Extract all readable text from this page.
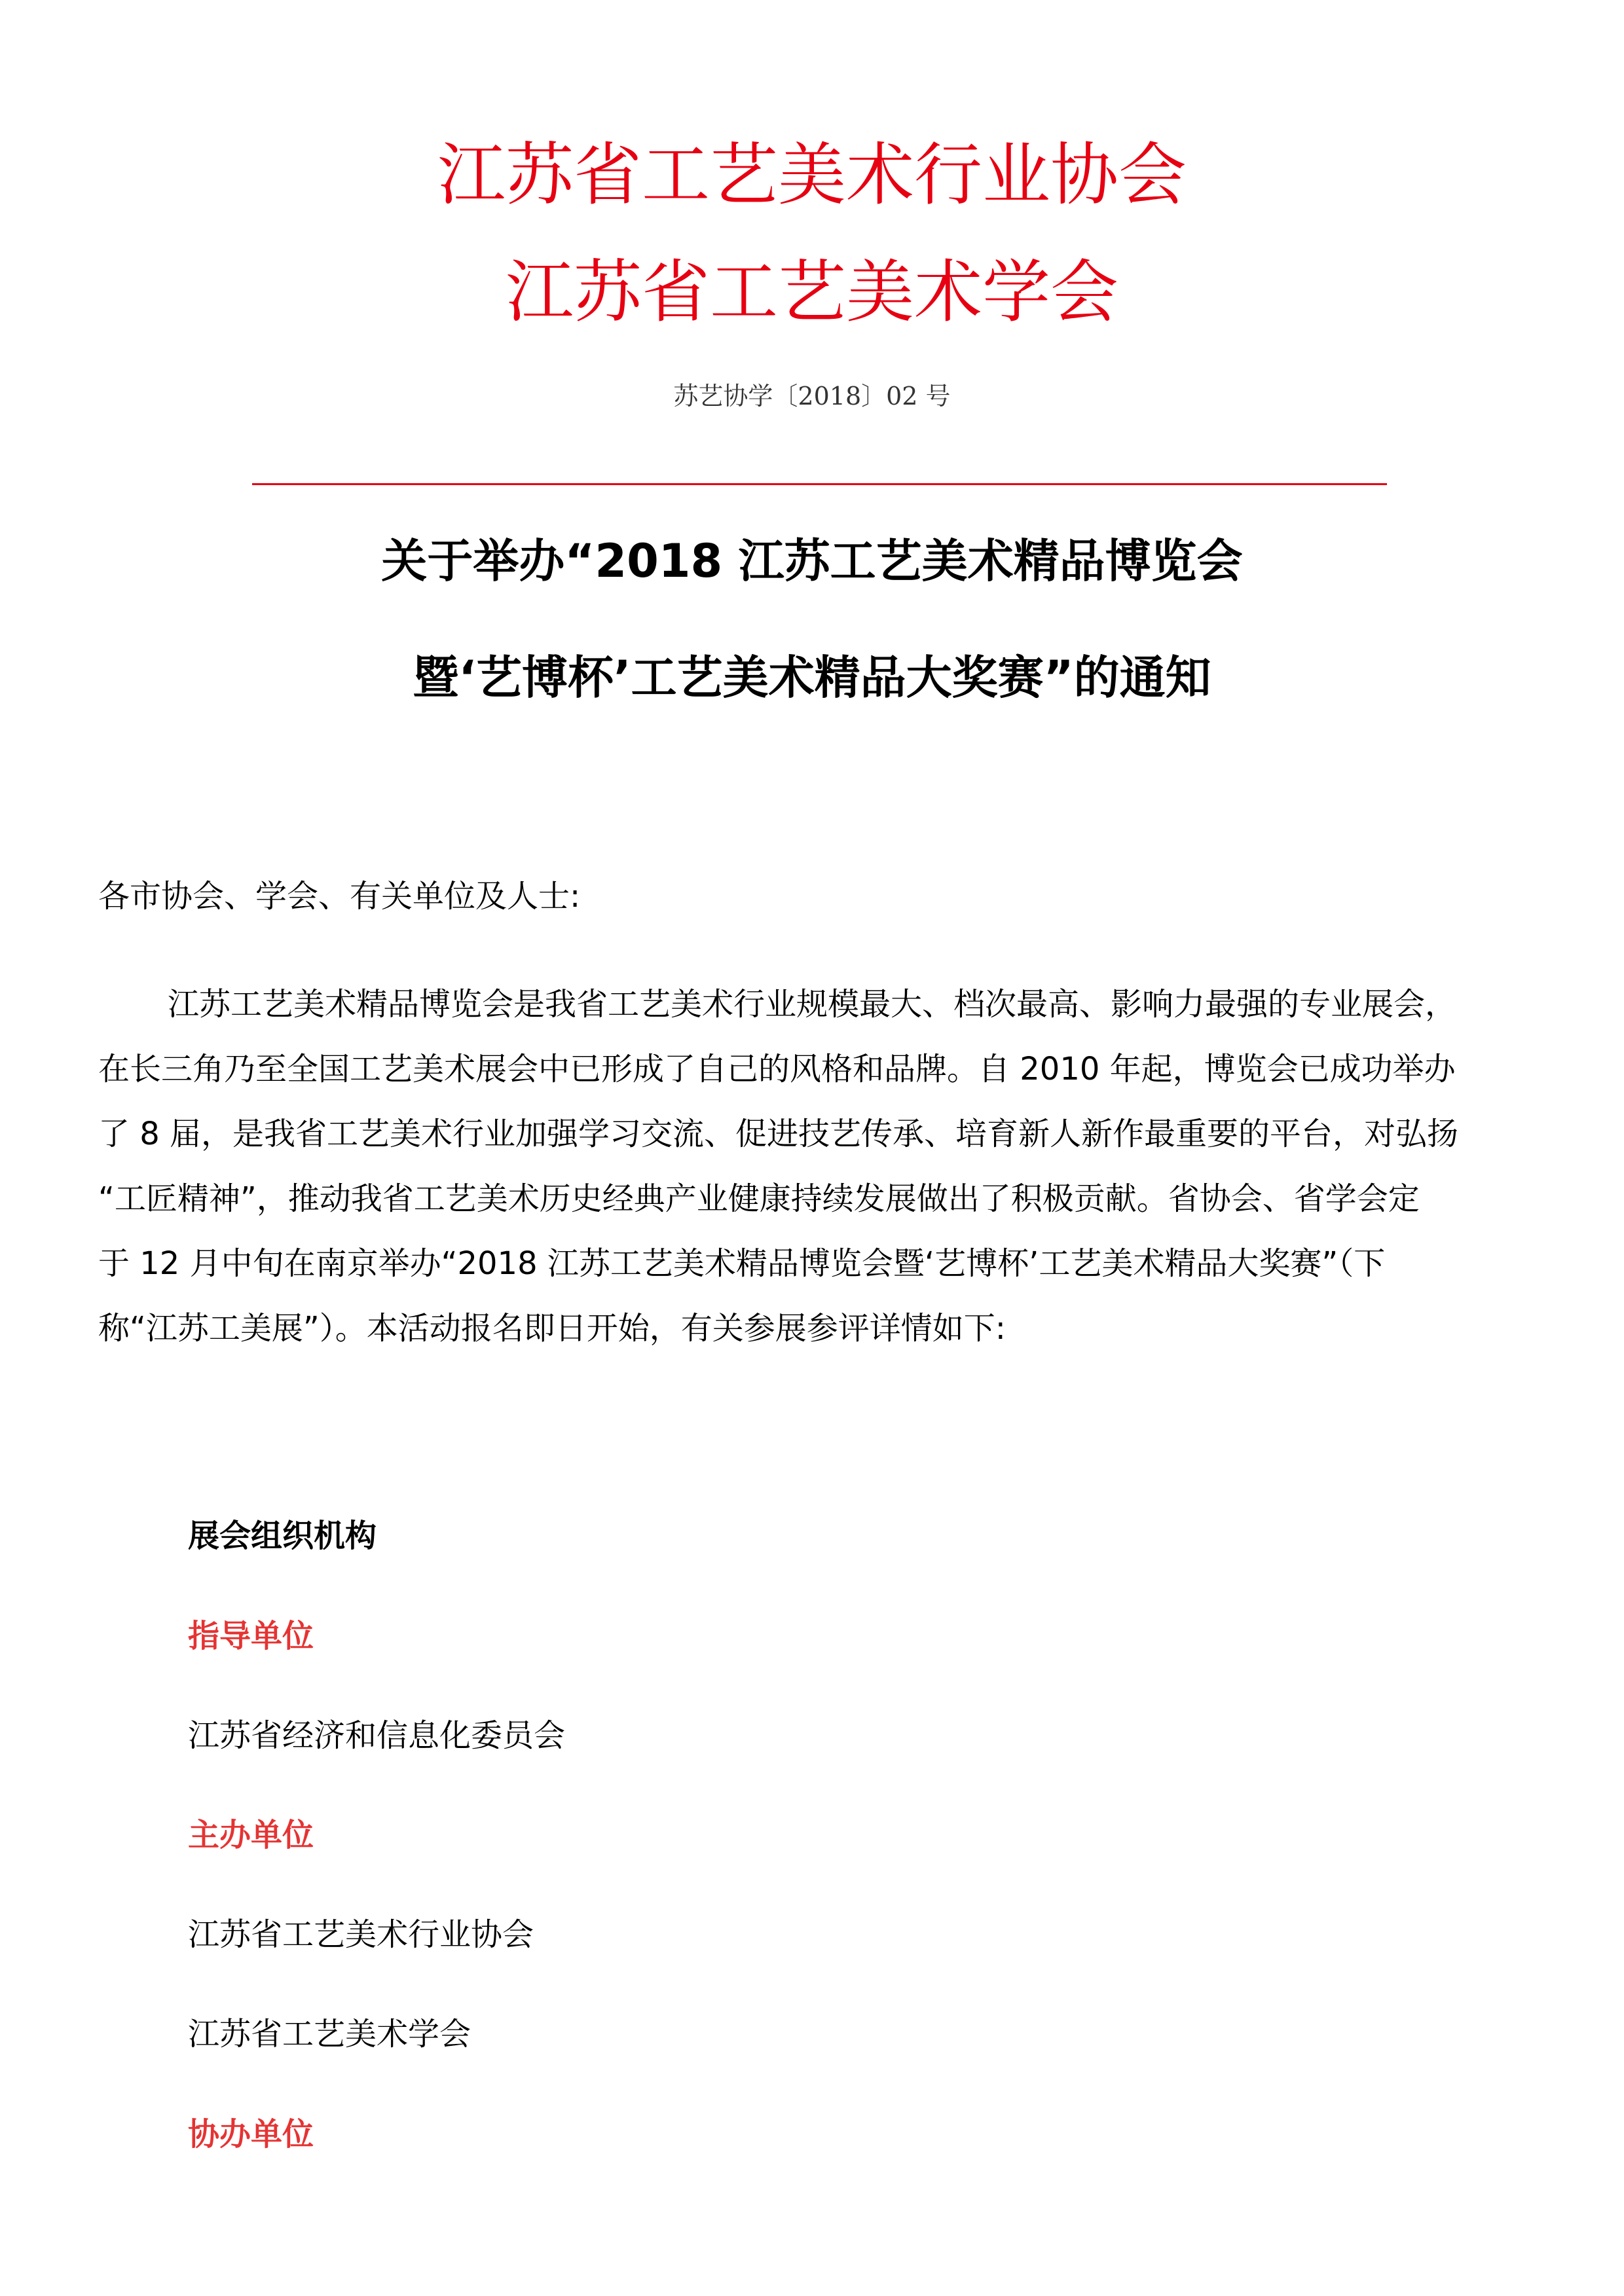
江苏省工艺美术行业协会
江苏省工艺美术学会
苏艺协学〔2018〕02 号
关于举办“2018 江苏工艺美术精品博览会
暨‘艺博杯’工艺美术精品大奖赛”的通知
各市协会、学会、有关单位及人士:
江苏工艺美术精品博览会是我省工艺美术行业规模最大、档次最高、影响力最强的专业展会，
在长三角乃至全国工艺美术展会中已形成了自己的风格和品牌。自 2010 年起，博览会已成功举办
了 8 届，是我省工艺美术行业加强学习交流、促进技艺传承、培育新人新作最重要的平台，对弘扬
“工匠精神”，推动我省工艺美术历史经典产业健康持续发展做出了积极贡献。省协会、省学会定
于 12 月中旬在南京举办“2018 江苏工艺美术精品博览会暨‘艺博杯’工艺美术精品大奖赛”（下
称“江苏工美展”）。本活动报名即日开始，有关参展参评详情如下:
展会组织机构
指导单位
江苏省经济和信息化委员会
主办单位
江苏省工艺美术行业协会
江苏省工艺美术学会
协办单位
